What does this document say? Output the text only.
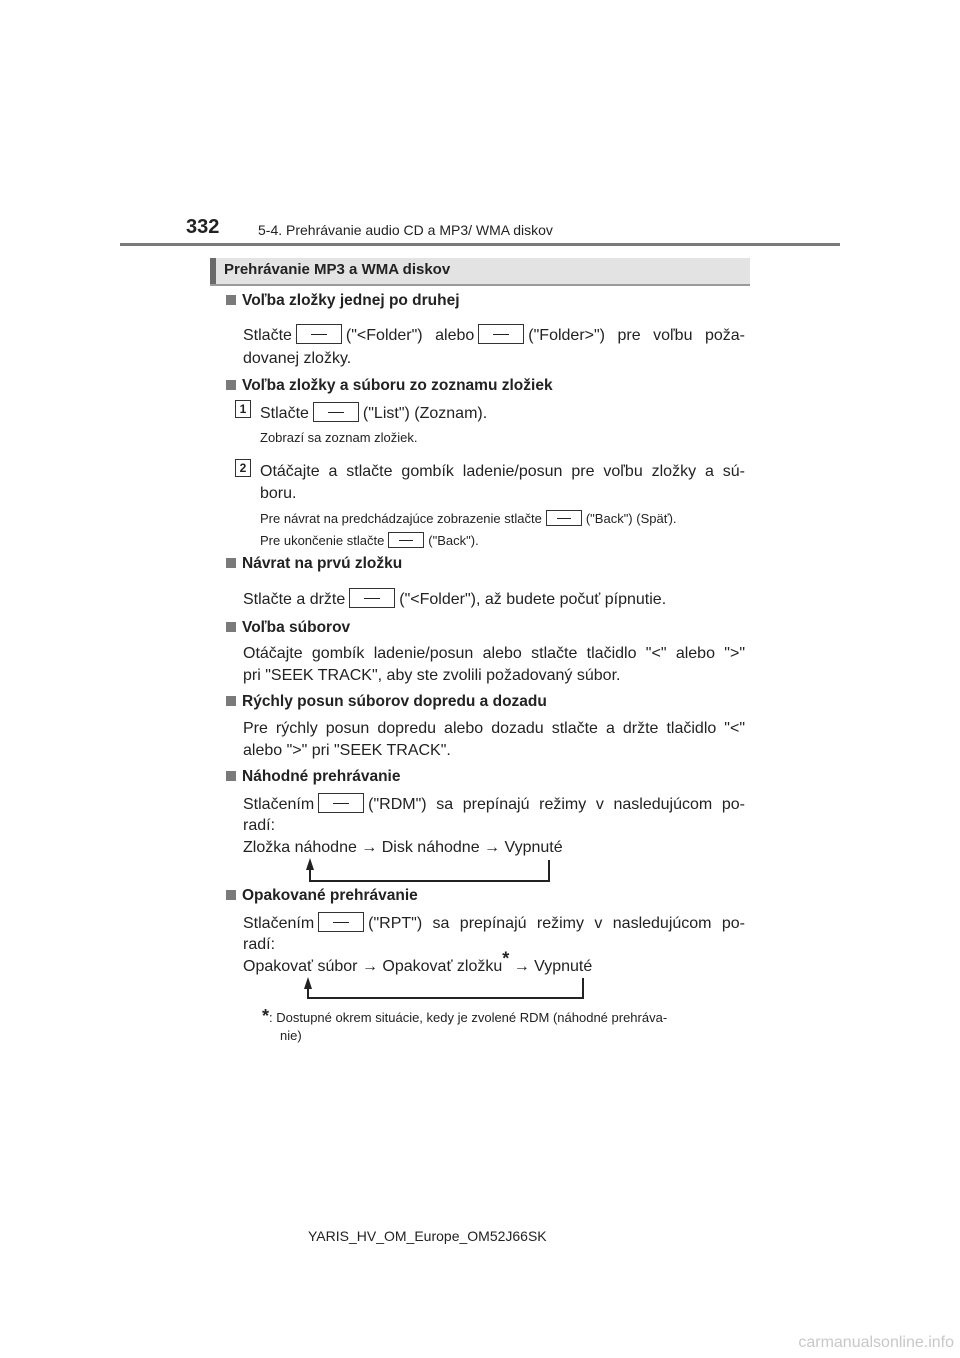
332	5-4. Prehrávanie audio CD a MP3/ WMA diskov
Prehrávanie MP3 a WMA diskov
Voľba zložky jednej po druhej
Stlačte	("<Folder") alebo	("Folder>") pre voľbu poža-
dovanej zložky.
Voľba zložky a súboru zo zoznamu zložiek
1 Stlačte	("List") (Zoznam).
Zobrazí sa zoznam zložiek.
2 Otáčajte a stlačte gombík ladenie/posun pre voľbu zložky a sú-
boru.
Pre návrat na predchádzajúce zobrazenie stlačte	("Back") (Späť).
Pre ukončenie stlačte	("Back").
Návrat na prvú zložku
Stlačte a držte	("<Folder"), až budete počuť pípnutie.
Voľba súborov
Otáčajte gombík ladenie/posun alebo stlačte tlačidlo "<" alebo ">"
pri "SEEK TRACK", aby ste zvolili požadovaný súbor.
Rýchly posun súborov dopredu a dozadu
Pre rýchly posun dopredu alebo dozadu stlačte a držte tlačidlo "<"
alebo ">" pri "SEEK TRACK".
Náhodné prehrávanie
Stlačením	("RDM") sa prepínajú režimy v nasledujúcom po-
radí:
Zložka náhodne → Disk náhodne → Vypnuté
Opakované prehrávanie
Stlačením	("RPT") sa prepínajú režimy v nasledujúcom po-
radí:
Opakovať súbor → Opakovať zložku* → Vypnuté
*: Dostupné okrem situácie, kedy je zvolené RDM (náhodné prehráva-
nie)
YARIS_HV_OM_Europe_OM52J66SK
carmanualsonline.info
